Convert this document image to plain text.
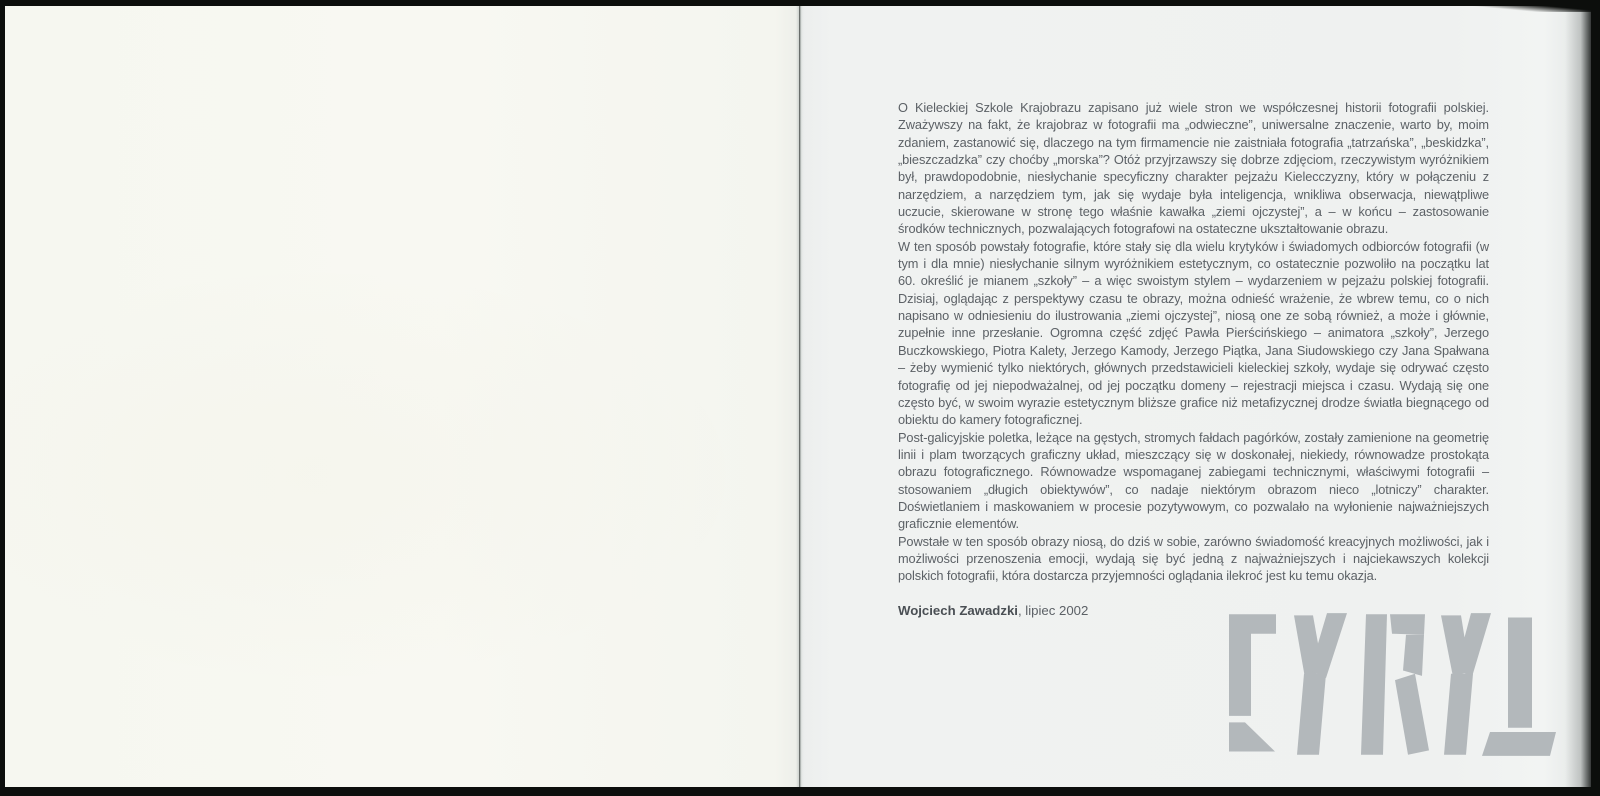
O Kieleckiej Szkole Krajobrazu zapisano już wiele stron we współczesnej historii fotografii polskiej. Zważywszy na fakt, że krajobraz w fotografii ma „odwieczne”, uniwersalne znaczenie, warto by, moim zdaniem, zastanowić się, dlaczego na tym firmamencie nie zaistniała fotografia „tatrzańska”, „beskidzka”, „bieszczadzka” czy choćby „morska”? Otóż przyjrzawszy się dobrze zdjęciom, rzeczywistym wyróżnikiem był, prawdopodobnie, niesłychanie specyficzny charakter pejzażu Kielecczyzny, który w połączeniu z narzędziem, a narzędziem tym, jak się wydaje była inteligencja, wnikliwa obserwacja, niewątpliwe uczucie, skierowane w stronę tego właśnie kawałka „ziemi ojczystej”, a – w końcu – zastosowanie środków technicznych, pozwalających fotografowi na ostateczne ukształtowanie obrazu.

W ten sposób powstały fotografie, które stały się dla wielu krytyków i świadomych odbiorców fotografii (w tym i dla mnie) niesłychanie silnym wyróżnikiem estetycznym, co ostatecznie pozwoliło na początku lat 60. określić je mianem „szkoły” – a więc swoistym stylem – wydarzeniem w pejzażu polskiej fotografii. Dzisiaj, oglądając z perspektywy czasu te obrazy, można odnieść wrażenie, że wbrew temu, co o nich napisano w odniesieniu do ilustrowania „ziemi ojczystej”, niosą one ze sobą również, a może i głównie, zupełnie inne przesłanie. Ogromna część zdjęć Pawła Pierścińskiego – animatora „szkoły”, Jerzego Buczkowskiego, Piotra Kalety, Jerzego Kamody, Jerzego Piątka, Jana Siudowskiego czy Jana Spałwana – żeby wymienić tylko niektórych, głównych przedstawicieli kieleckiej szkoły, wydaje się odrywać często fotografię od jej niepodważalnej, od jej początku domeny – rejestracji miejsca i czasu. Wydają się one często być, w swoim wyrazie estetycznym bliższe grafice niż metafizycznej drodze światła biegnącego od obiektu do kamery fotograficznej.

Post-galicyjskie poletka, leżące na gęstych, stromych fałdach pagórków, zostały zamienione na geometrię linii i plam tworzących graficzny układ, mieszczący się w doskonałej, niekiedy, równowadze prostokąta obrazu fotograficznego. Równowadze wspomaganej zabiegami technicznymi, właściwymi fotografii – stosowaniem „długich obiektywów”, co nadaje niektórym obrazom nieco „lotniczy” charakter. Doświetlaniem i maskowaniem w procesie pozytywowym, co pozwalało na wyłonienie najważniejszych graficznie elementów.

Powstałe w ten sposób obrazy niosą, do dziś w sobie, zarówno świadomość kreacyjnych możliwości, jak i możliwości przenoszenia emocji, wydają się być jedną z najważniejszych i najciekawszych kolekcji polskich fotografii, która dostarcza przyjemności oglądania ilekroć jest ku temu okazja.

Wojciech Zawadzki, lipiec 2002
